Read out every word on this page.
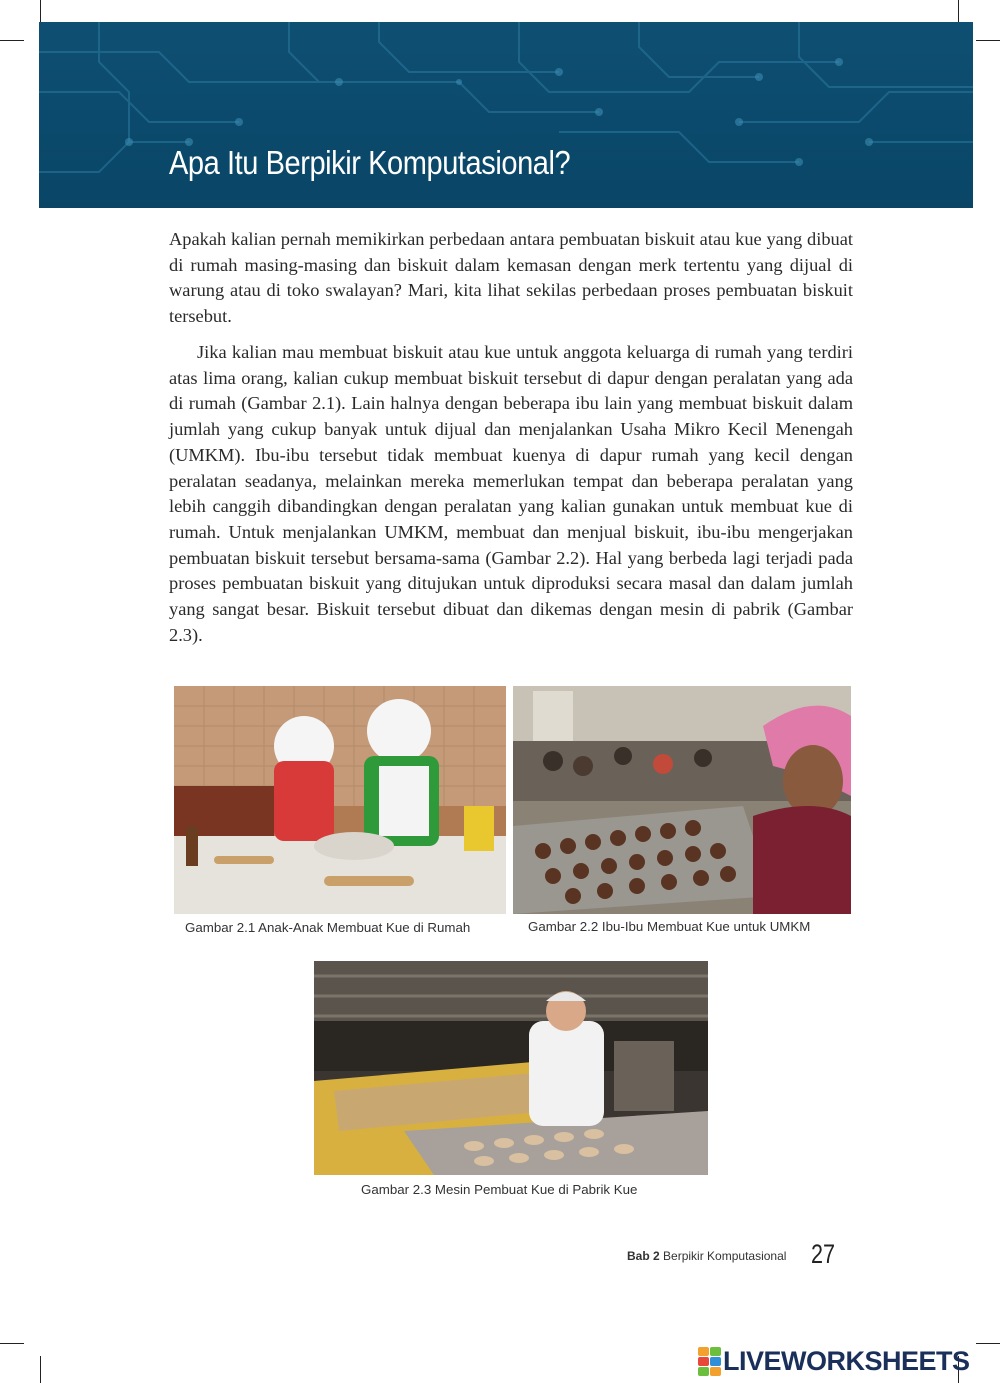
Apa Itu Berpikir Komputasional?

Apakah kalian pernah memikirkan perbedaan antara pembuatan biskuit atau kue yang dibuat di rumah masing-masing dan biskuit dalam kemasan dengan merk tertentu yang dijual di warung atau di toko swalayan? Mari, kita lihat sekilas perbedaan proses pembuatan biskuit tersebut.

Jika kalian mau membuat biskuit atau kue untuk anggota keluarga di rumah yang terdiri atas lima orang, kalian cukup membuat biskuit tersebut di dapur dengan peralatan yang ada di rumah (Gambar 2.1). Lain halnya dengan beberapa ibu lain yang membuat biskuit dalam jumlah yang cukup banyak untuk dijual dan menjalankan Usaha Mikro Kecil Menengah (UMKM). Ibu-ibu tersebut tidak membuat kuenya di dapur rumah yang kecil dengan peralatan seadanya, melainkan mereka memerlukan tempat dan beberapa peralatan yang lebih canggih dibandingkan dengan peralatan yang kalian gunakan untuk membuat kue di rumah. Untuk menjalankan UMKM, membuat dan menjual biskuit, ibu-ibu mengerjakan pembuatan biskuit tersebut bersama-sama (Gambar 2.2). Hal yang berbeda lagi terjadi pada proses pembuatan biskuit yang ditujukan untuk diproduksi secara masal dan dalam jumlah yang sangat besar. Biskuit tersebut dibuat dan dikemas dengan mesin di pabrik (Gambar 2.3).

Gambar 2.1 Anak-Anak Membuat Kue di Rumah	Gambar 2.2 Ibu-Ibu Membuat Kue untuk UMKM

Gambar 2.3 Mesin Pembuat Kue di Pabrik Kue

Bab 2 Berpikir Komputasional 27
LIVEWORKSHEETS
